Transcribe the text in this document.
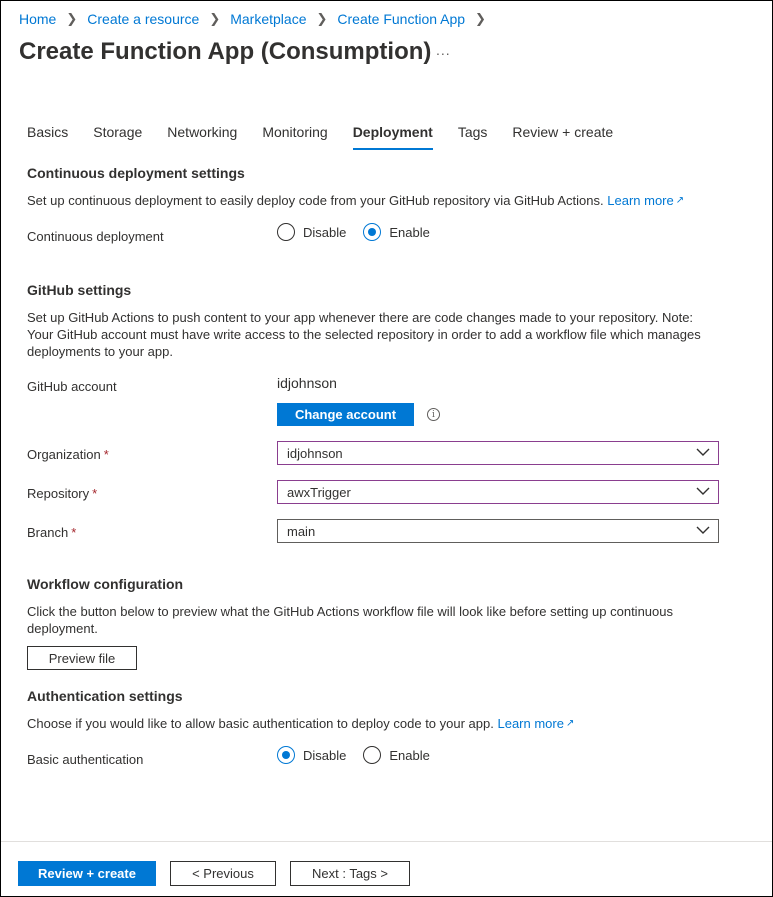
Home ❯ Create a resource ❯ Marketplace ❯ Create Function App ❯
Create Function App (Consumption) ...
Basics Storage Networking Monitoring Deployment Tags Review + create
Continuous deployment settings
Set up continuous deployment to easily deploy code from your GitHub repository via GitHub Actions. Learn more ↗
Continuous deployment	Disable	Enable
GitHub settings
Set up GitHub Actions to push content to your app whenever there are code changes made to your repository. Note:
Your GitHub account must have write access to the selected repository in order to add a workflow file which manages
deployments to your app.
GitHub account	idjohnson
Change account	i
Organization *	idjohnson
Repository *	awxTrigger
Branch *	main
Workflow configuration
Click the button below to preview what the GitHub Actions workflow file will look like before setting up continuous
deployment.
Preview file
Authentication settings
Choose if you would like to allow basic authentication to deploy code to your app. Learn more ↗
Basic authentication	Disable	Enable
Review + create	< Previous	Next : Tags >
